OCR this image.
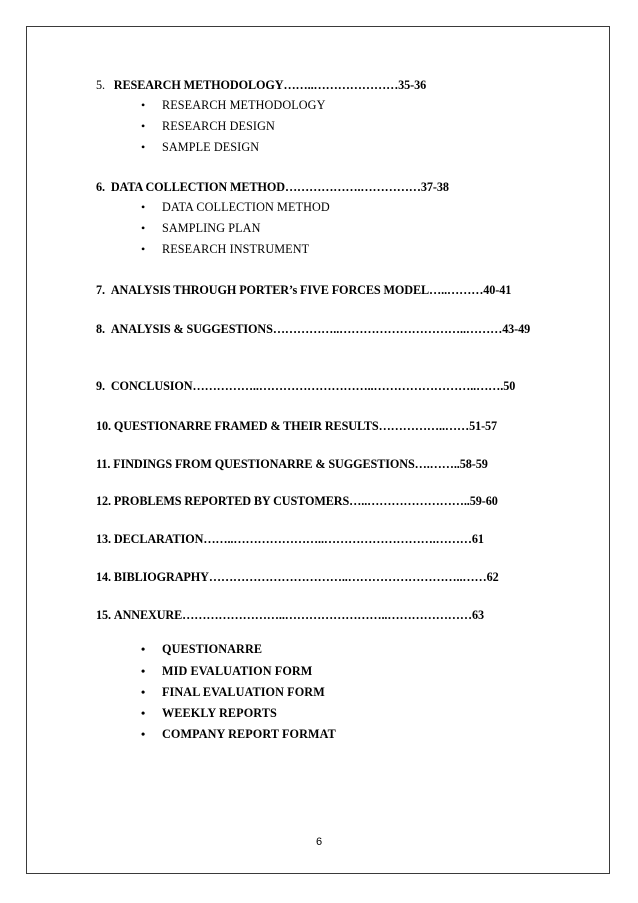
5. RESEARCH METHODOLOGY……..…………………35-36
• RESEARCH METHODOLOGY
• RESEARCH DESIGN
• SAMPLE DESIGN
6. DATA COLLECTION METHOD……………….……………37-38
• DATA COLLECTION METHOD
• SAMPLING PLAN
• RESEARCH INSTRUMENT
7. ANALYSIS THROUGH PORTER’s FIVE FORCES MODEL…..………40-41
8. ANALYSIS & SUGGESTIONS……………..…………………………..………43-49
9. CONCLUSION……………..………………………..……………………..…….50
10. QUESTIONARRE FRAMED & THEIR RESULTS……………..……51-57
11. FINDINGS FROM QUESTIONARRE & SUGGESTIONS….……..58-59
12. PROBLEMS REPORTED BY CUSTOMERS…..……………………..59-60
13. DECLARATION……..…………………..……………………….………61
14. BIBLIOGRAPHY……………………………..………………………..……62
15. ANNEXURE……………………..……………………..…………………63
• QUESTIONARRE
• MID EVALUATION FORM
• FINAL EVALUATION FORM
• WEEKLY REPORTS
• COMPANY REPORT FORMAT
6
